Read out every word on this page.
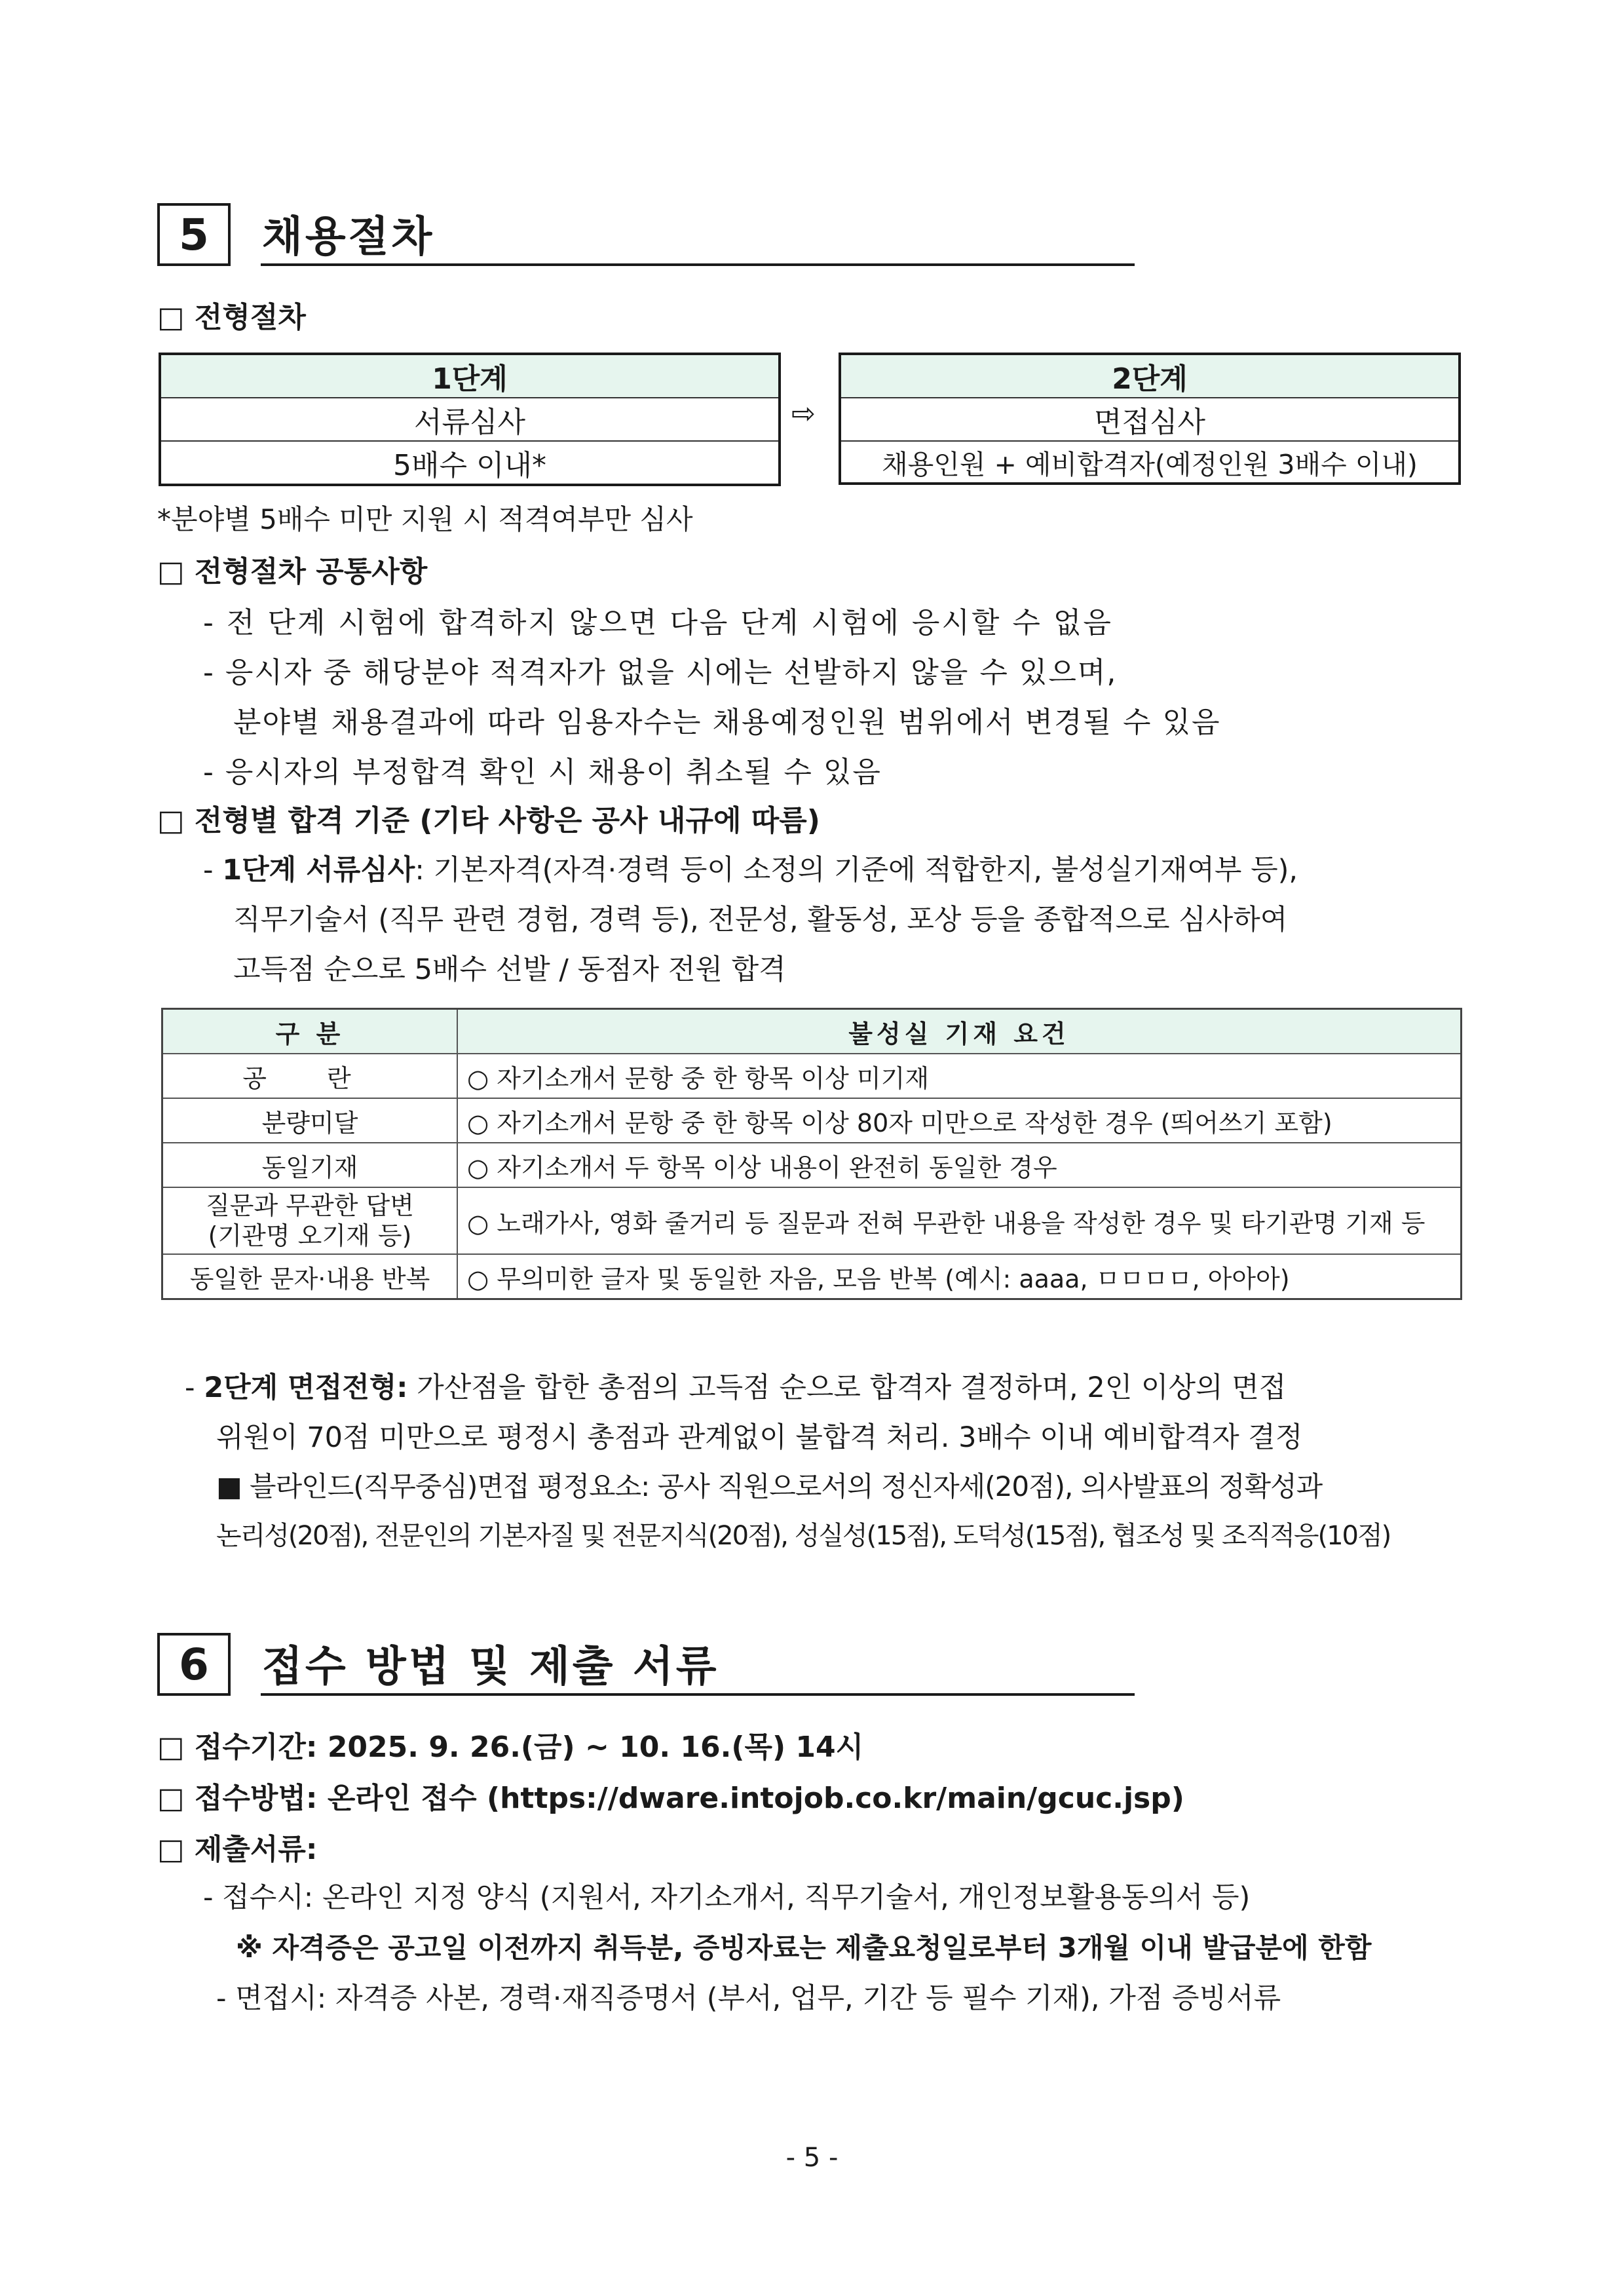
5 채용절차
□ 전형절차
1단계
서류심사
5배수 이내*
⇨
2단계
면접심사
채용인원 + 예비합격자(예정인원 3배수 이내)
*분야별 5배수 미만 지원 시 적격여부만 심사
□ 전형절차 공통사항
- 전 단계 시험에 합격하지 않으면 다음 단계 시험에 응시할 수 없음
- 응시자 중 해당분야 적격자가 없을 시에는 선발하지 않을 수 있으며,
분야별 채용결과에 따라 임용자수는 채용예정인원 범위에서 변경될 수 있음
- 응시자의 부정합격 확인 시 채용이 취소될 수 있음
□ 전형별 합격 기준 (기타 사항은 공사 내규에 따름)
- 1단계 서류심사: 기본자격(자격·경력 등이 소정의 기준에 적합한지, 불성실기재여부 등),
직무기술서 (직무 관련 경험, 경력 등), 전문성, 활동성, 포상 등을 종합적으로 심사하여
고득점 순으로 5배수 선발 / 동점자 전원 합격
구 분	불성실 기재 요건
공 란	○ 자기소개서 문항 중 한 항목 이상 미기재
분량미달	○ 자기소개서 문항 중 한 항목 이상 80자 미만으로 작성한 경우 (띄어쓰기 포함)
동일기재	○ 자기소개서 두 항목 이상 내용이 완전히 동일한 경우
질문과 무관한 답변
(기관명 오기재 등)	○ 노래가사, 영화 줄거리 등 질문과 전혀 무관한 내용을 작성한 경우 및 타기관명 기재 등
동일한 문자·내용 반복	○ 무의미한 글자 및 동일한 자음, 모음 반복 (예시: aaaa, ㅁㅁㅁㅁ, 아아아)
- 2단계 면접전형: 가산점을 합한 총점의 고득점 순으로 합격자 결정하며, 2인 이상의 면접
위원이 70점 미만으로 평정시 총점과 관계없이 불합격 처리. 3배수 이내 예비합격자 결정
■ 블라인드(직무중심)면접 평정요소: 공사 직원으로서의 정신자세(20점), 의사발표의 정확성과
논리성(20점), 전문인의 기본자질 및 전문지식(20점), 성실성(15점), 도덕성(15점), 협조성 및 조직적응(10점)
6 접수 방법 및 제출 서류
□ 접수기간: 2025. 9. 26.(금) ~ 10. 16.(목) 14시
□ 접수방법: 온라인 접수 (https://dware.intojob.co.kr/main/gcuc.jsp)
□ 제출서류:
- 접수시: 온라인 지정 양식 (지원서, 자기소개서, 직무기술서, 개인정보활용동의서 등)
※ 자격증은 공고일 이전까지 취득분, 증빙자료는 제출요청일로부터 3개월 이내 발급분에 한함
- 면접시: 자격증 사본, 경력·재직증명서 (부서, 업무, 기간 등 필수 기재), 가점 증빙서류
- 5 -
